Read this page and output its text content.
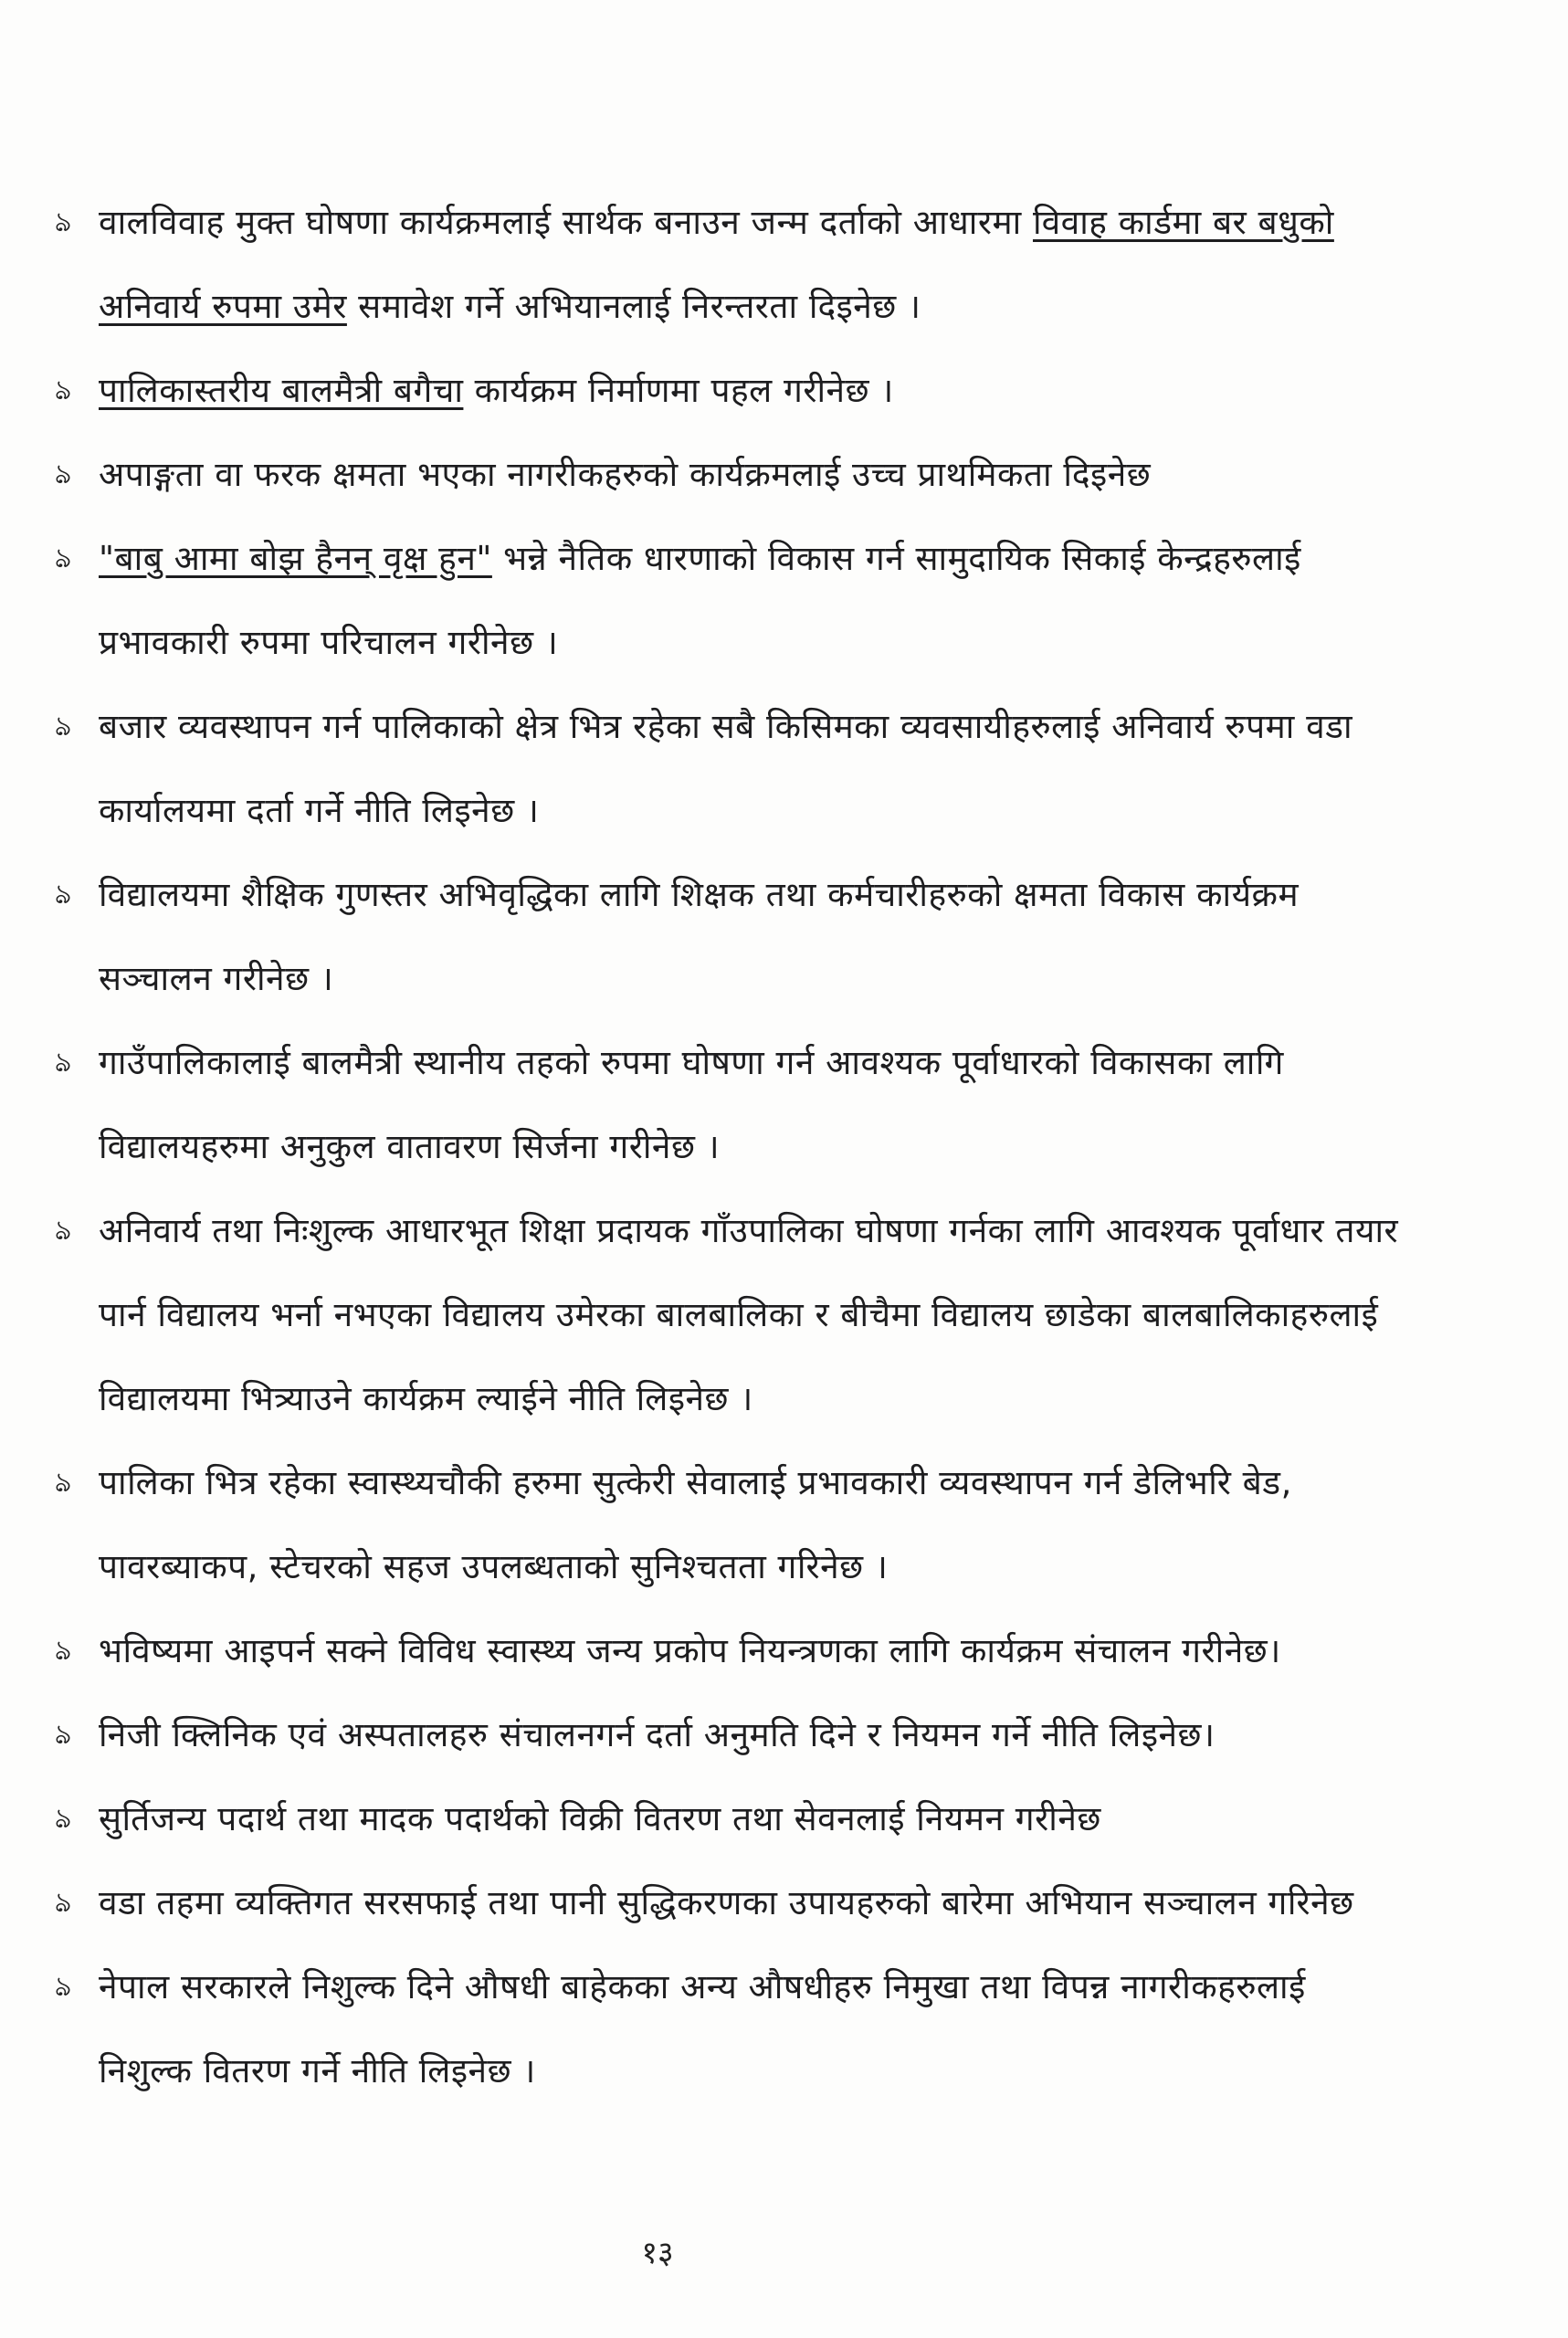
ঌ वालविवाह मुक्त घोषणा कार्यक्रमलाई सार्थक बनाउन जन्म दर्ताको आधारमा विवाह कार्डमा बर बधुको अनिवार्य रुपमा उमेर समावेश गर्ने अभियानलाई निरन्तरता दिइनेछ ।
ঌ पालिकास्तरीय बालमैत्री बगैचा कार्यक्रम निर्माणमा पहल गरीनेछ ।
ঌ अपाङ्गता वा फरक क्षमता भएका नागरीकहरुको कार्यक्रमलाई उच्च प्राथमिकता दिइनेछ
ঌ "बाबु आमा बोझ हैनन् वृक्ष हुन" भन्ने नैतिक धारणाको विकास गर्न सामुदायिक सिकाई केन्द्रहरुलाई प्रभावकारी रुपमा परिचालन गरीनेछ ।
ঌ बजार व्यवस्थापन गर्न पालिकाको क्षेत्र भित्र रहेका सबै किसिमका व्यवसायीहरुलाई अनिवार्य रुपमा वडा कार्यालयमा दर्ता गर्ने नीति लिइनेछ ।
ঌ विद्यालयमा शैक्षिक गुणस्तर अभिवृद्धिका लागि शिक्षक तथा कर्मचारीहरुको क्षमता विकास कार्यक्रम सञ्चालन गरीनेछ ।
ঌ गाउँपालिकालाई बालमैत्री स्थानीय तहको रुपमा घोषणा गर्न आवश्यक पूर्वाधारको विकासका लागि विद्यालयहरुमा अनुकुल वातावरण सिर्जना गरीनेछ ।
ঌ अनिवार्य तथा निःशुल्क आधारभूत शिक्षा प्रदायक गाँउपालिका घोषणा गर्नका लागि आवश्यक पूर्वाधार तयार पार्न विद्यालय भर्ना नभएका विद्यालय उमेरका बालबालिका र बीचैमा विद्यालय छाडेका बालबालिकाहरुलाई विद्यालयमा भित्र्याउने कार्यक्रम ल्याईने नीति लिइनेछ ।
ঌ पालिका भित्र रहेका स्वास्थ्यचौकी हरुमा सुत्केरी सेवालाई प्रभावकारी व्यवस्थापन गर्न डेलिभरि बेड, पावरब्याकप, स्टेचरको सहज उपलब्धताको सुनिश्चतता गरिनेछ ।
ঌ भविष्यमा आइपर्न सक्ने विविध स्वास्थ्य जन्य प्रकोप नियन्त्रणका लागि कार्यक्रम संचालन गरीनेछ।
ঌ निजी क्लिनिक एवं अस्पतालहरु संचालनगर्न दर्ता अनुमति दिने र नियमन गर्ने नीति लिइनेछ।
ঌ सुर्तिजन्य पदार्थ तथा मादक पदार्थको विक्री वितरण तथा सेवनलाई नियमन गरीनेछ
ঌ वडा तहमा व्यक्तिगत सरसफाई तथा पानी सुद्धिकरणका उपायहरुको बारेमा अभियान सञ्चालन गरिनेछ
ঌ नेपाल सरकारले निशुल्क दिने औषधी बाहेकका अन्य औषधीहरु निमुखा तथा विपन्न नागरीकहरुलाई निशुल्क वितरण गर्ने नीति लिइनेछ ।
१३
